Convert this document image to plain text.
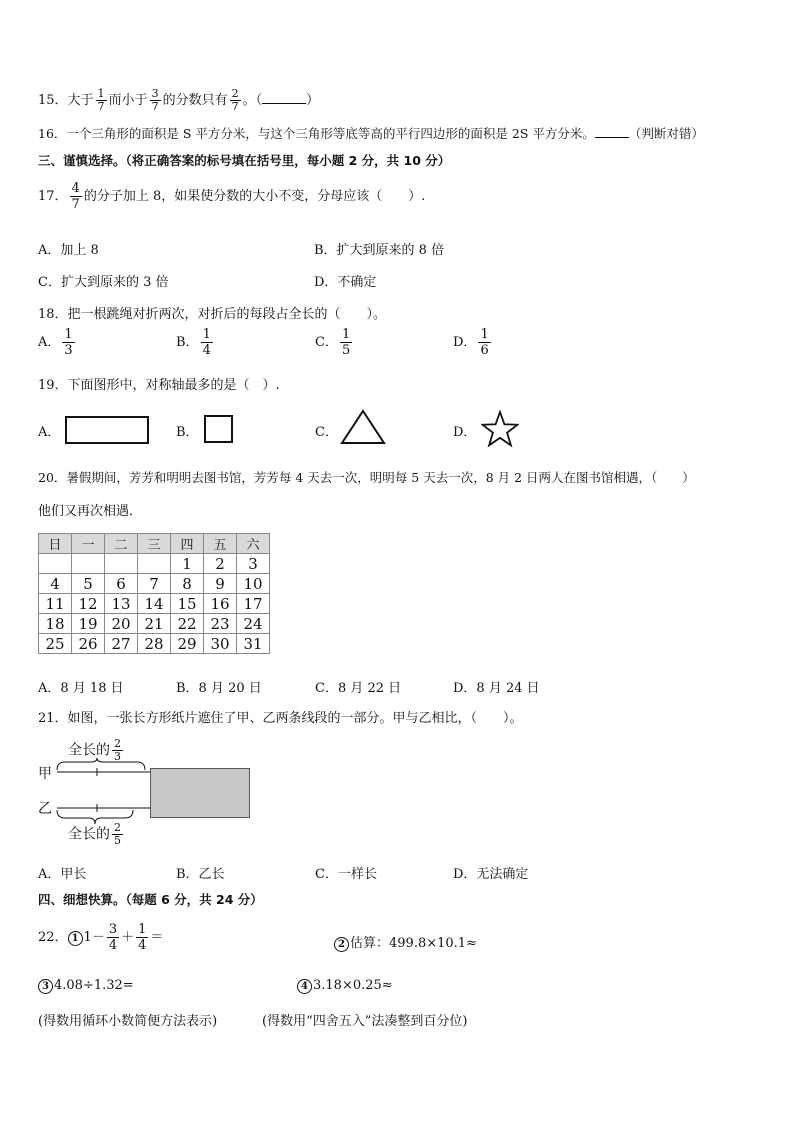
15．大于 $\frac{1}{7}$ 而小于 $\frac{3}{7}$ 的分数只有 $\frac{2}{7}$ 。（	）
16．一个三角形的面积是 S 平方分米，与这个三角形等底等高的平行四边形的面积是 2S 平方分米。	（判断对错）
三、谨慎选择。（将正确答案的标号填在括号里，每小题 2 分，共 10 分）
17． $\frac{4}{7}$ 的分子加上 8，如果使分数的大小不变，分母应该（　　）.
A．加上 8	B．扩大到原来的 8 倍
C．扩大到原来的 3 倍	D．不确定
18．把一根跳绳对折两次，对折后的每段占全长的（　　）。
A． $\frac{1}{3}$	B． $\frac{1}{4}$	C． $\frac{1}{5}$	D． $\frac{1}{6}$
19．下面图形中，对称轴最多的是（　）.
A．	B．	C．	D．
20．暑假期间，芳芳和明明去图书馆，芳芳每 4 天去一次，明明每 5 天去一次，8 月 2 日两人在图书馆相遇，（　　）
他们又再次相遇．
日	一	二	三	四	五	六
				1	2	3
4	5	6	7	8	9	10
11	12	13	14	15	16	17
18	19	20	21	22	23	24
25	26	27	28	29	30	31
A．8 月 18 日	B．8 月 20 日	C．8 月 22 日	D．8 月 24 日
21．如图，一张长方形纸片遮住了甲、乙两条线段的一部分。甲与乙相比，（　　）。
全长的 $\frac{2}{3}$
甲
乙
全长的 $\frac{2}{5}$
A．甲长	B．乙长	C．一样长	D．无法确定
四、细想快算。（每题 6 分，共 24 分）
22． 1 $1- \frac{3}{4} + \frac{1}{4}$ ＝	2 估算：499.8×10.1≈
3 4.08÷1.32=	4 3.18×0.25≈
(得数用循环小数简便方法表示)	(得数用“四舍五入”法凑整到百分位)
